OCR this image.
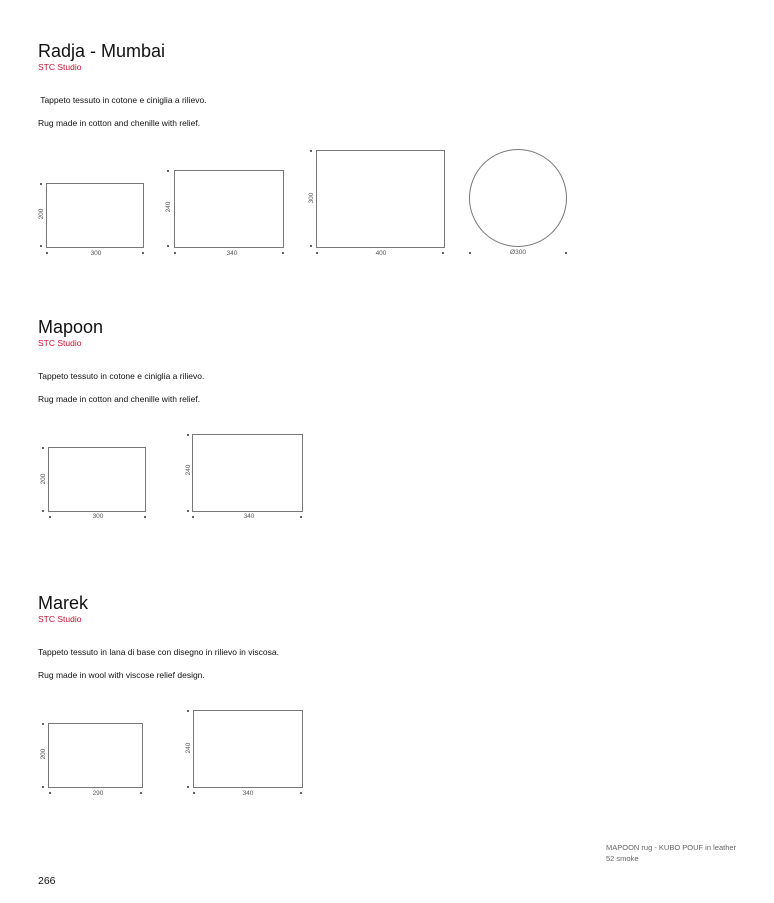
Radja - Mumbai
STC Studio
Tappeto tessuto in cotone e ciniglia a rilievo.
Rug made in cotton and chenille with relief.
200
300
240
340
300
400	Ø300
Mapoon
STC Studio
Tappeto tessuto in cotone e ciniglia a rilievo.
Rug made in cotton and chenille with relief.
200
300
240
340
Marek
STC Studio
Tappeto tessuto in lana di base con disegno in rilievo in viscosa.
Rug made in wool with viscose relief design.
200
290
240
340
MAPOON rug - KUBO POUF in leather
52 smoke
266
